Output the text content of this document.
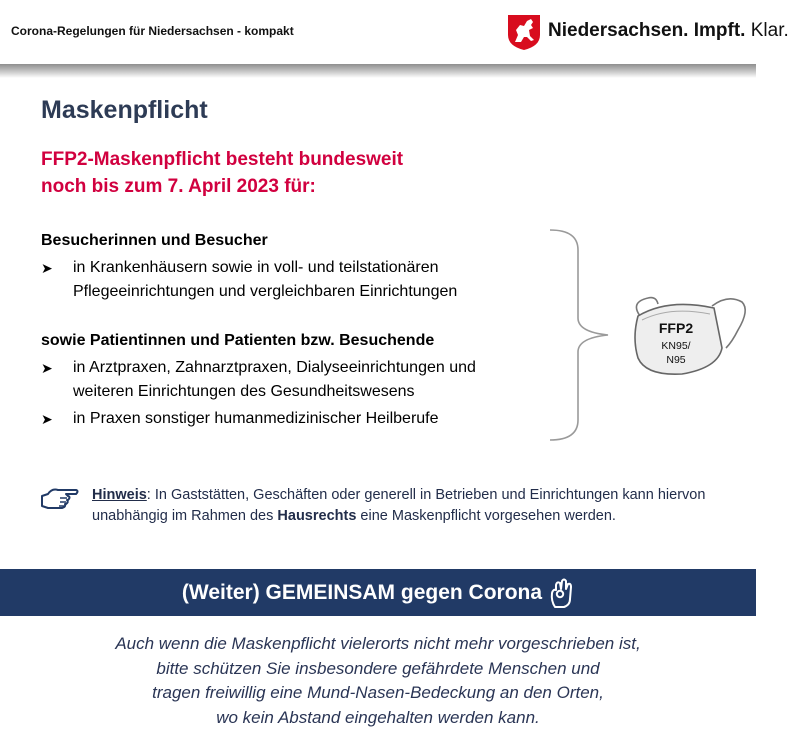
Corona-Regelungen für Niedersachsen - kompakt	Niedersachsen. Impft. Klar.
Maskenpflicht
FFP2-Maskenpflicht besteht bundesweit
noch bis zum 7. April 2023 für:
Besucherinnen und Besucher
➤ in Krankenhäusern sowie in voll- und teilstationären
Pflegeeinrichtungen und vergleichbaren Einrichtungen
sowie Patientinnen und Patienten bzw. Besuchende
➤ in Arztpraxen, Zahnarztpraxen, Dialyseeinrichtungen und
weiteren Einrichtungen des Gesundheitswesens
➤ in Praxen sonstiger humanmedizinischer Heilberufe
FFP2
KN95/
N95
Hinweis: In Gaststätten, Geschäften oder generell in Betrieben und Einrichtungen kann hiervon unabhängig im Rahmen des Hausrechts eine Maskenpflicht vorgesehen werden.
(Weiter) GEMEINSAM gegen Corona
Auch wenn die Maskenpflicht vielerorts nicht mehr vorgeschrieben ist,
bitte schützen Sie insbesondere gefährdete Menschen und
tragen freiwillig eine Mund-Nasen-Bedeckung an den Orten,
wo kein Abstand eingehalten werden kann.
